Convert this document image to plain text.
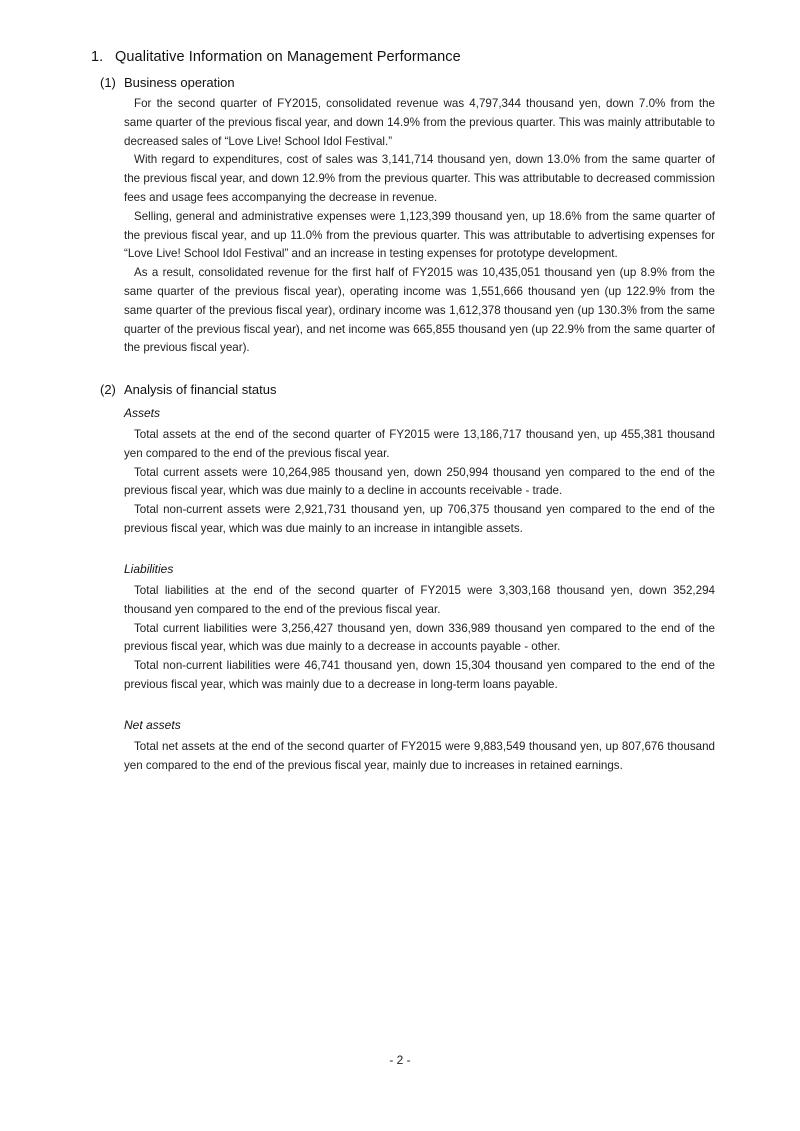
1. Qualitative Information on Management Performance
(1) Business operation

For the second quarter of FY2015, consolidated revenue was 4,797,344 thousand yen, down 7.0% from the same quarter of the previous fiscal year, and down 14.9% from the previous quarter. This was mainly attributable to decreased sales of “Love Live! School Idol Festival.”

With regard to expenditures, cost of sales was 3,141,714 thousand yen, down 13.0% from the same quarter of the previous fiscal year, and down 12.9% from the previous quarter. This was attributable to decreased commission fees and usage fees accompanying the decrease in revenue.

Selling, general and administrative expenses were 1,123,399 thousand yen, up 18.6% from the same quarter of the previous fiscal year, and up 11.0% from the previous quarter. This was attributable to advertising expenses for “Love Live! School Idol Festival” and an increase in testing expenses for prototype development.

As a result, consolidated revenue for the first half of FY2015 was 10,435,051 thousand yen (up 8.9% from the same quarter of the previous fiscal year), operating income was 1,551,666 thousand yen (up 122.9% from the same quarter of the previous fiscal year), ordinary income was 1,612,378 thousand yen (up 130.3% from the same quarter of the previous fiscal year), and net income was 665,855 thousand yen (up 22.9% from the same quarter of the previous fiscal year).

(2) Analysis of financial status
Assets

Total assets at the end of the second quarter of FY2015 were 13,186,717 thousand yen, up 455,381 thousand yen compared to the end of the previous fiscal year.

Total current assets were 10,264,985 thousand yen, down 250,994 thousand yen compared to the end of the previous fiscal year, which was due mainly to a decline in accounts receivable - trade.

Total non-current assets were 2,921,731 thousand yen, up 706,375 thousand yen compared to the end of the previous fiscal year, which was due mainly to an increase in intangible assets.

Liabilities

Total liabilities at the end of the second quarter of FY2015 were 3,303,168 thousand yen, down 352,294 thousand yen compared to the end of the previous fiscal year.

Total current liabilities were 3,256,427 thousand yen, down 336,989 thousand yen compared to the end of the previous fiscal year, which was due mainly to a decrease in accounts payable - other.

Total non-current liabilities were 46,741 thousand yen, down 15,304 thousand yen compared to the end of the previous fiscal year, which was mainly due to a decrease in long-term loans payable.

Net assets

Total net assets at the end of the second quarter of FY2015 were 9,883,549 thousand yen, up 807,676 thousand yen compared to the end of the previous fiscal year, mainly due to increases in retained earnings.

- 2 -
